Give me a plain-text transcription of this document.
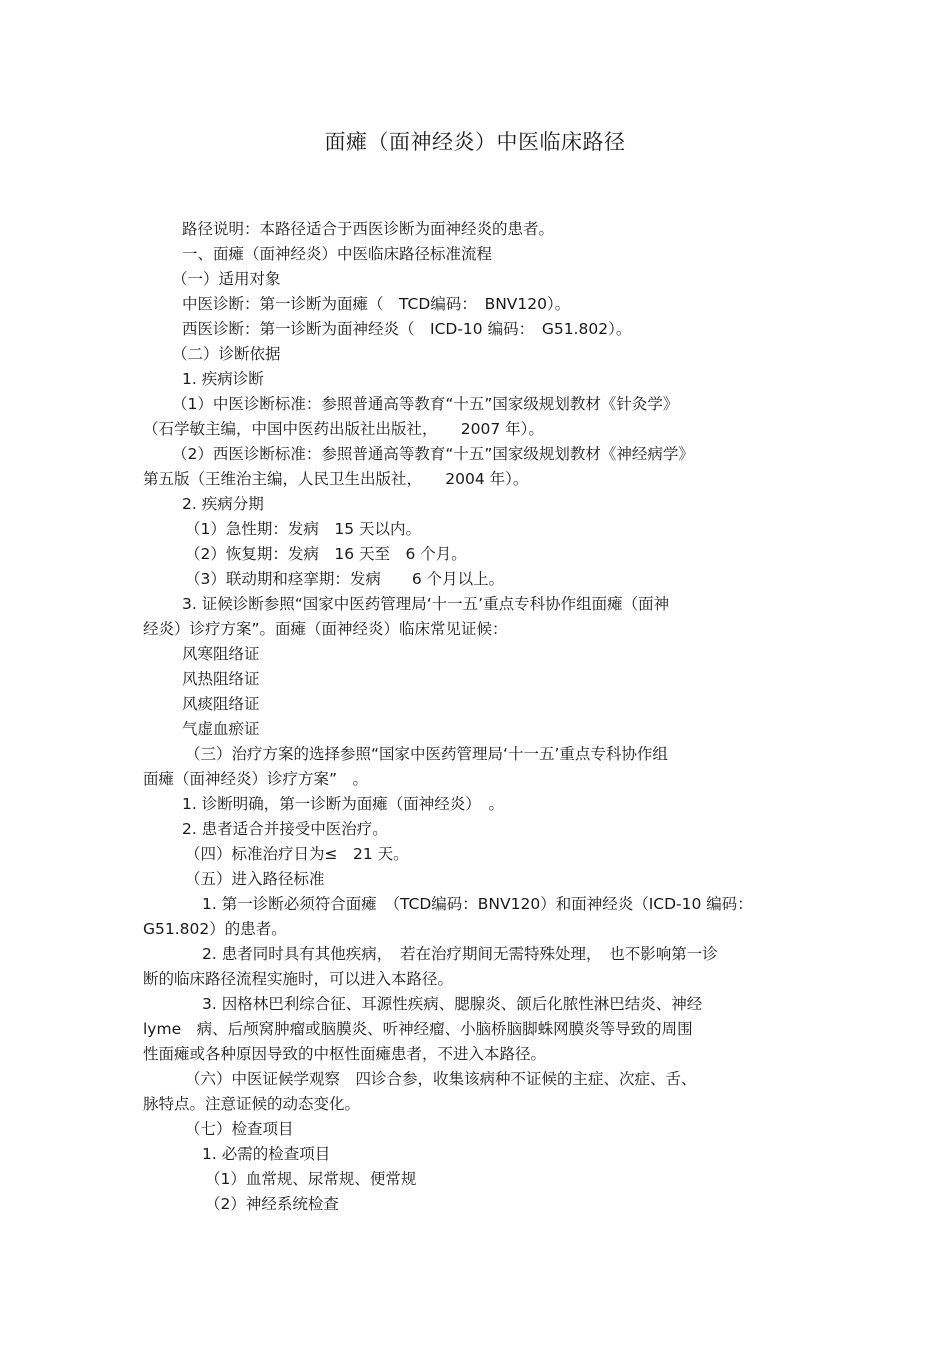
面瘫（面神经炎）中医临床路径
路径说明：本路径适合于西医诊断为面神经炎的患者。
一、面瘫（面神经炎）中医临床路径标准流程
（一）适用对象
中医诊断：第一诊断为面瘫（　TCD编码：　BNV120）。
西医诊断：第一诊断为面神经炎（　ICD-10 编码：　G51.802）。
（二）诊断依据
1. 疾病诊断
（1）中医诊断标准：参照普通高等教育“十五”国家级规划教材《针灸学》
（石学敏主编，中国中医药出版社出版社，　　2007 年）。
（2）西医诊断标准：参照普通高等教育“十五”国家级规划教材《神经病学》
第五版（王维治主编，人民卫生出版社，　　2004 年）。
2. 疾病分期
（1）急性期：发病　15 天以内。
（2）恢复期：发病　16 天至　6 个月。
（3）联动期和痉挛期：发病　　6 个月以上。
3. 证候诊断参照“国家中医药管理局‘十一五’重点专科协作组面瘫（面神
经炎）诊疗方案”。面瘫（面神经炎）临床常见证候：
风寒阻络证
风热阻络证
风痰阻络证
气虚血瘀证
（三）治疗方案的选择参照“国家中医药管理局‘十一五’重点专科协作组
面瘫（面神经炎）诊疗方案”　。
1. 诊断明确，第一诊断为面瘫（面神经炎）　。
2. 患者适合并接受中医治疗。
（四）标准治疗日为≤　21 天。
（五）进入路径标准
1. 第一诊断必须符合面瘫　（TCD编码：BNV120）和面神经炎（ICD-10 编码：
G51.802）的患者。
2. 患者同时具有其他疾病，　若在治疗期间无需特殊处理，　也不影响第一诊
断的临床路径流程实施时，可以进入本路径。
3. 因格林巴利综合征、耳源性疾病、腮腺炎、颌后化脓性淋巴结炎、神经
lyme　病、后颅窝肿瘤或脑膜炎、听神经瘤、小脑桥脑脚蛛网膜炎等导致的周围
性面瘫或各种原因导致的中枢性面瘫患者，不进入本路径。
（六）中医证候学观察　四诊合参，收集该病种不证候的主症、次症、舌、
脉特点。注意证候的动态变化。
（七）检查项目
1. 必需的检查项目
（1）血常规、尿常规、便常规
（2）神经系统检查
